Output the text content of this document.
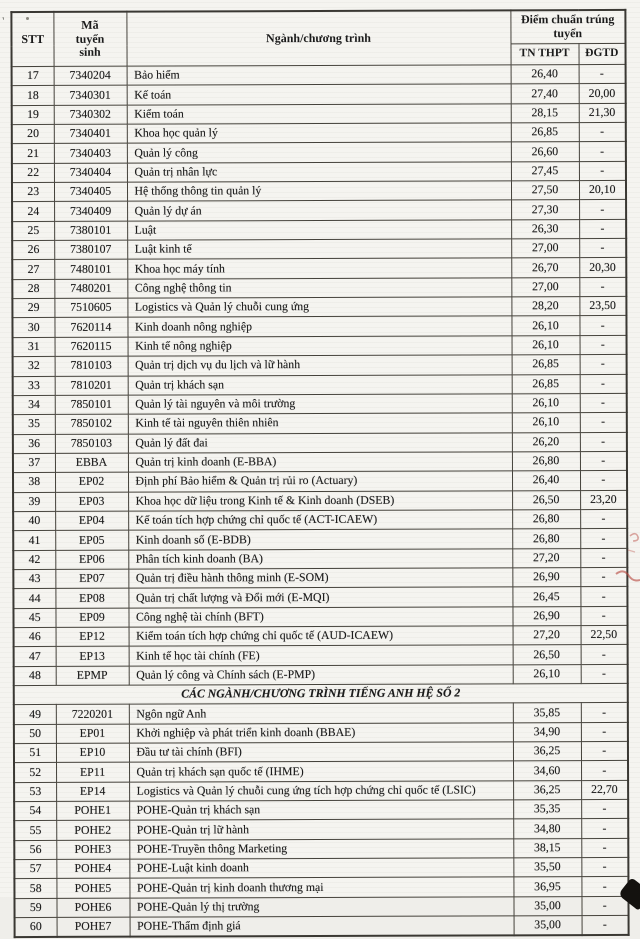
'
STT	Mã
tuyển
sinh	Ngành/chương trình	Điểm chuẩn trúng tuyển	
			TN THPT	ĐGTD
17	7340204	Bảo hiểm	26,40	-
18	7340301	Kế toán	27,40	20,00
19	7340302	Kiểm toán	28,15	21,30
20	7340401	Khoa học quản lý	26,85	-
21	7340403	Quản lý công	26,60	-
22	7340404	Quản trị nhân lực	27,45	-
23	7340405	Hệ thống thông tin quản lý	27,50	20,10
24	7340409	Quản lý dự án	27,30	-
25	7380101	Luật	26,30	-
26	7380107	Luật kinh tế	27,00	-
27	7480101	Khoa học máy tính	26,70	20,30
28	7480201	Công nghệ thông tin	27,00	-
29	7510605	Logistics và Quản lý chuỗi cung ứng	28,20	23,50
30	7620114	Kinh doanh nông nghiệp	26,10	-
31	7620115	Kinh tế nông nghiệp	26,10	-
32	7810103	Quản trị dịch vụ du lịch và lữ hành	26,85	-
33	7810201	Quản trị khách sạn	26,85	-
34	7850101	Quản lý tài nguyên và môi trường	26,10	-
35	7850102	Kinh tế tài nguyên thiên nhiên	26,10	-
36	7850103	Quản lý đất đai	26,20	-
37	EBBA	Quản trị kinh doanh (E-BBA)	26,80	-
38	EP02	Định phí Bảo hiểm & Quản trị rủi ro (Actuary)	26,40	-
39	EP03	Khoa học dữ liệu trong Kinh tế & Kinh doanh (DSEB)	26,50	23,20
40	EP04	Kế toán tích hợp chứng chỉ quốc tế (ACT-ICAEW)	26,80	-
41	EP05	Kinh doanh số (E-BDB)	26,80	-
42	EP06	Phân tích kinh doanh (BA)	27,20	-
43	EP07	Quản trị điều hành thông minh (E-SOM)	26,90	-
44	EP08	Quản trị chất lượng và Đổi mới (E-MQI)	26,45	-
45	EP09	Công nghệ tài chính (BFT)	26,90	-
46	EP12	Kiểm toán tích hợp chứng chỉ quốc tế (AUD-ICAEW)	27,20	22,50
47	EP13	Kinh tế học tài chính (FE)	26,50	-
48	EPMP	Quản lý công và Chính sách (E-PMP)	26,10	-
CÁC NGÀNH/CHƯƠNG TRÌNH TIẾNG ANH HỆ SỐ 2				
49	7220201	Ngôn ngữ Anh	35,85	-
50	EP01	Khởi nghiệp và phát triển kinh doanh (BBAE)	34,90	-
51	EP10	Đầu tư tài chính (BFI)	36,25	-
52	EP11	Quản trị khách sạn quốc tế (IHME)	34,60	-
53	EP14	Logistics và Quản lý chuỗi cung ứng tích hợp chứng chỉ quốc tế (LSIC)	36,25	22,70
54	POHE1	POHE-Quản trị khách sạn	35,35	-
55	POHE2	POHE-Quản trị lữ hành	34,80	-
56	POHE3	POHE-Truyền thông Marketing	38,15	-
57	POHE4	POHE-Luật kinh doanh	35,50	-
58	POHE5	POHE-Quản trị kinh doanh thương mại	36,95	-
59	POHE6	POHE-Quản lý thị trường	35,00	-
60	POHE7	POHE-Thẩm định giá	35,00	-
